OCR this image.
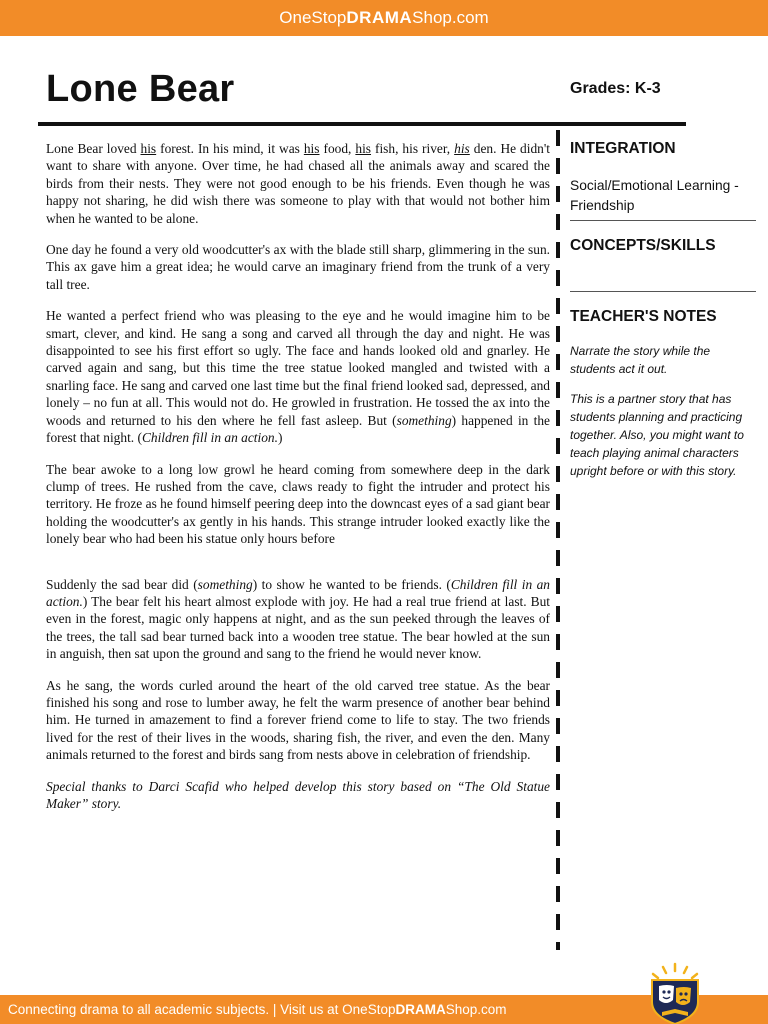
OneStopDRAMAShop.com
Lone Bear	Grades: K-3

Lone Bear loved his forest. In his mind, it was his food, his fish, his river, his den. He didn't want to share with anyone. Over time, he had chased all the animals away and scared the birds from their nests. They were not good enough to be his friends. Even though he was happy not sharing, he did wish there was someone to play with that would not bother him when he wanted to be alone.

One day he found a very old woodcutter's ax with the blade still sharp, glimmering in the sun. This ax gave him a great idea; he would carve an imaginary friend from the trunk of a very tall tree.

He wanted a perfect friend who was pleasing to the eye and he would imagine him to be smart, clever, and kind. He sang a song and carved all through the day and night. He was disappointed to see his first effort so ugly. The face and hands looked old and gnarley. He carved again and sang, but this time the tree statue looked mangled and twisted with a snarling face. He sang and carved one last time but the final friend looked sad, depressed, and lonely – no fun at all. This would not do. He growled in frustration. He tossed the ax into the woods and returned to his den where he fell fast asleep. But (something) happened in the forest that night. (Children fill in an action.)

The bear awoke to a long low growl he heard coming from somewhere deep in the dark clump of trees. He rushed from the cave, claws ready to fight the intruder and protect his territory. He froze as he found himself peering deep into the downcast eyes of a sad giant bear holding the woodcutter's ax gently in his hands. This strange intruder looked exactly like the lonely bear who had been his statue only hours before

Suddenly the sad bear did (something) to show he wanted to be friends. (Children fill in an action.) The bear felt his heart almost explode with joy. He had a real true friend at last. But even in the forest, magic only happens at night, and as the sun peeked through the leaves of the trees, the tall sad bear turned back into a wooden tree statue. The bear howled at the sun in anguish, then sat upon the ground and sang to the friend he would never know.

As he sang, the words curled around the heart of the old carved tree statue. As the bear finished his song and rose to lumber away, he felt the warm presence of another bear behind him. He turned in amazement to find a forever friend come to life to stay. The two friends lived for the rest of their lives in the woods, sharing fish, the river, and even the den. Many animals returned to the forest and birds sang from nests above in celebration of friendship.

Special thanks to Darci Scafid who helped develop this story based on “The Old Statue Maker” story.

INTEGRATION
Social/Emotional Learning - Friendship
CONCEPTS/SKILLS
TEACHER'S NOTES
Narrate the story while the students act it out.
This is a partner story that has students planning and practicing together. Also, you might want to teach playing animal characters upright before or with this story.
Connecting drama to all academic subjects. | Visit us at OneStopDRAMAShop.com
